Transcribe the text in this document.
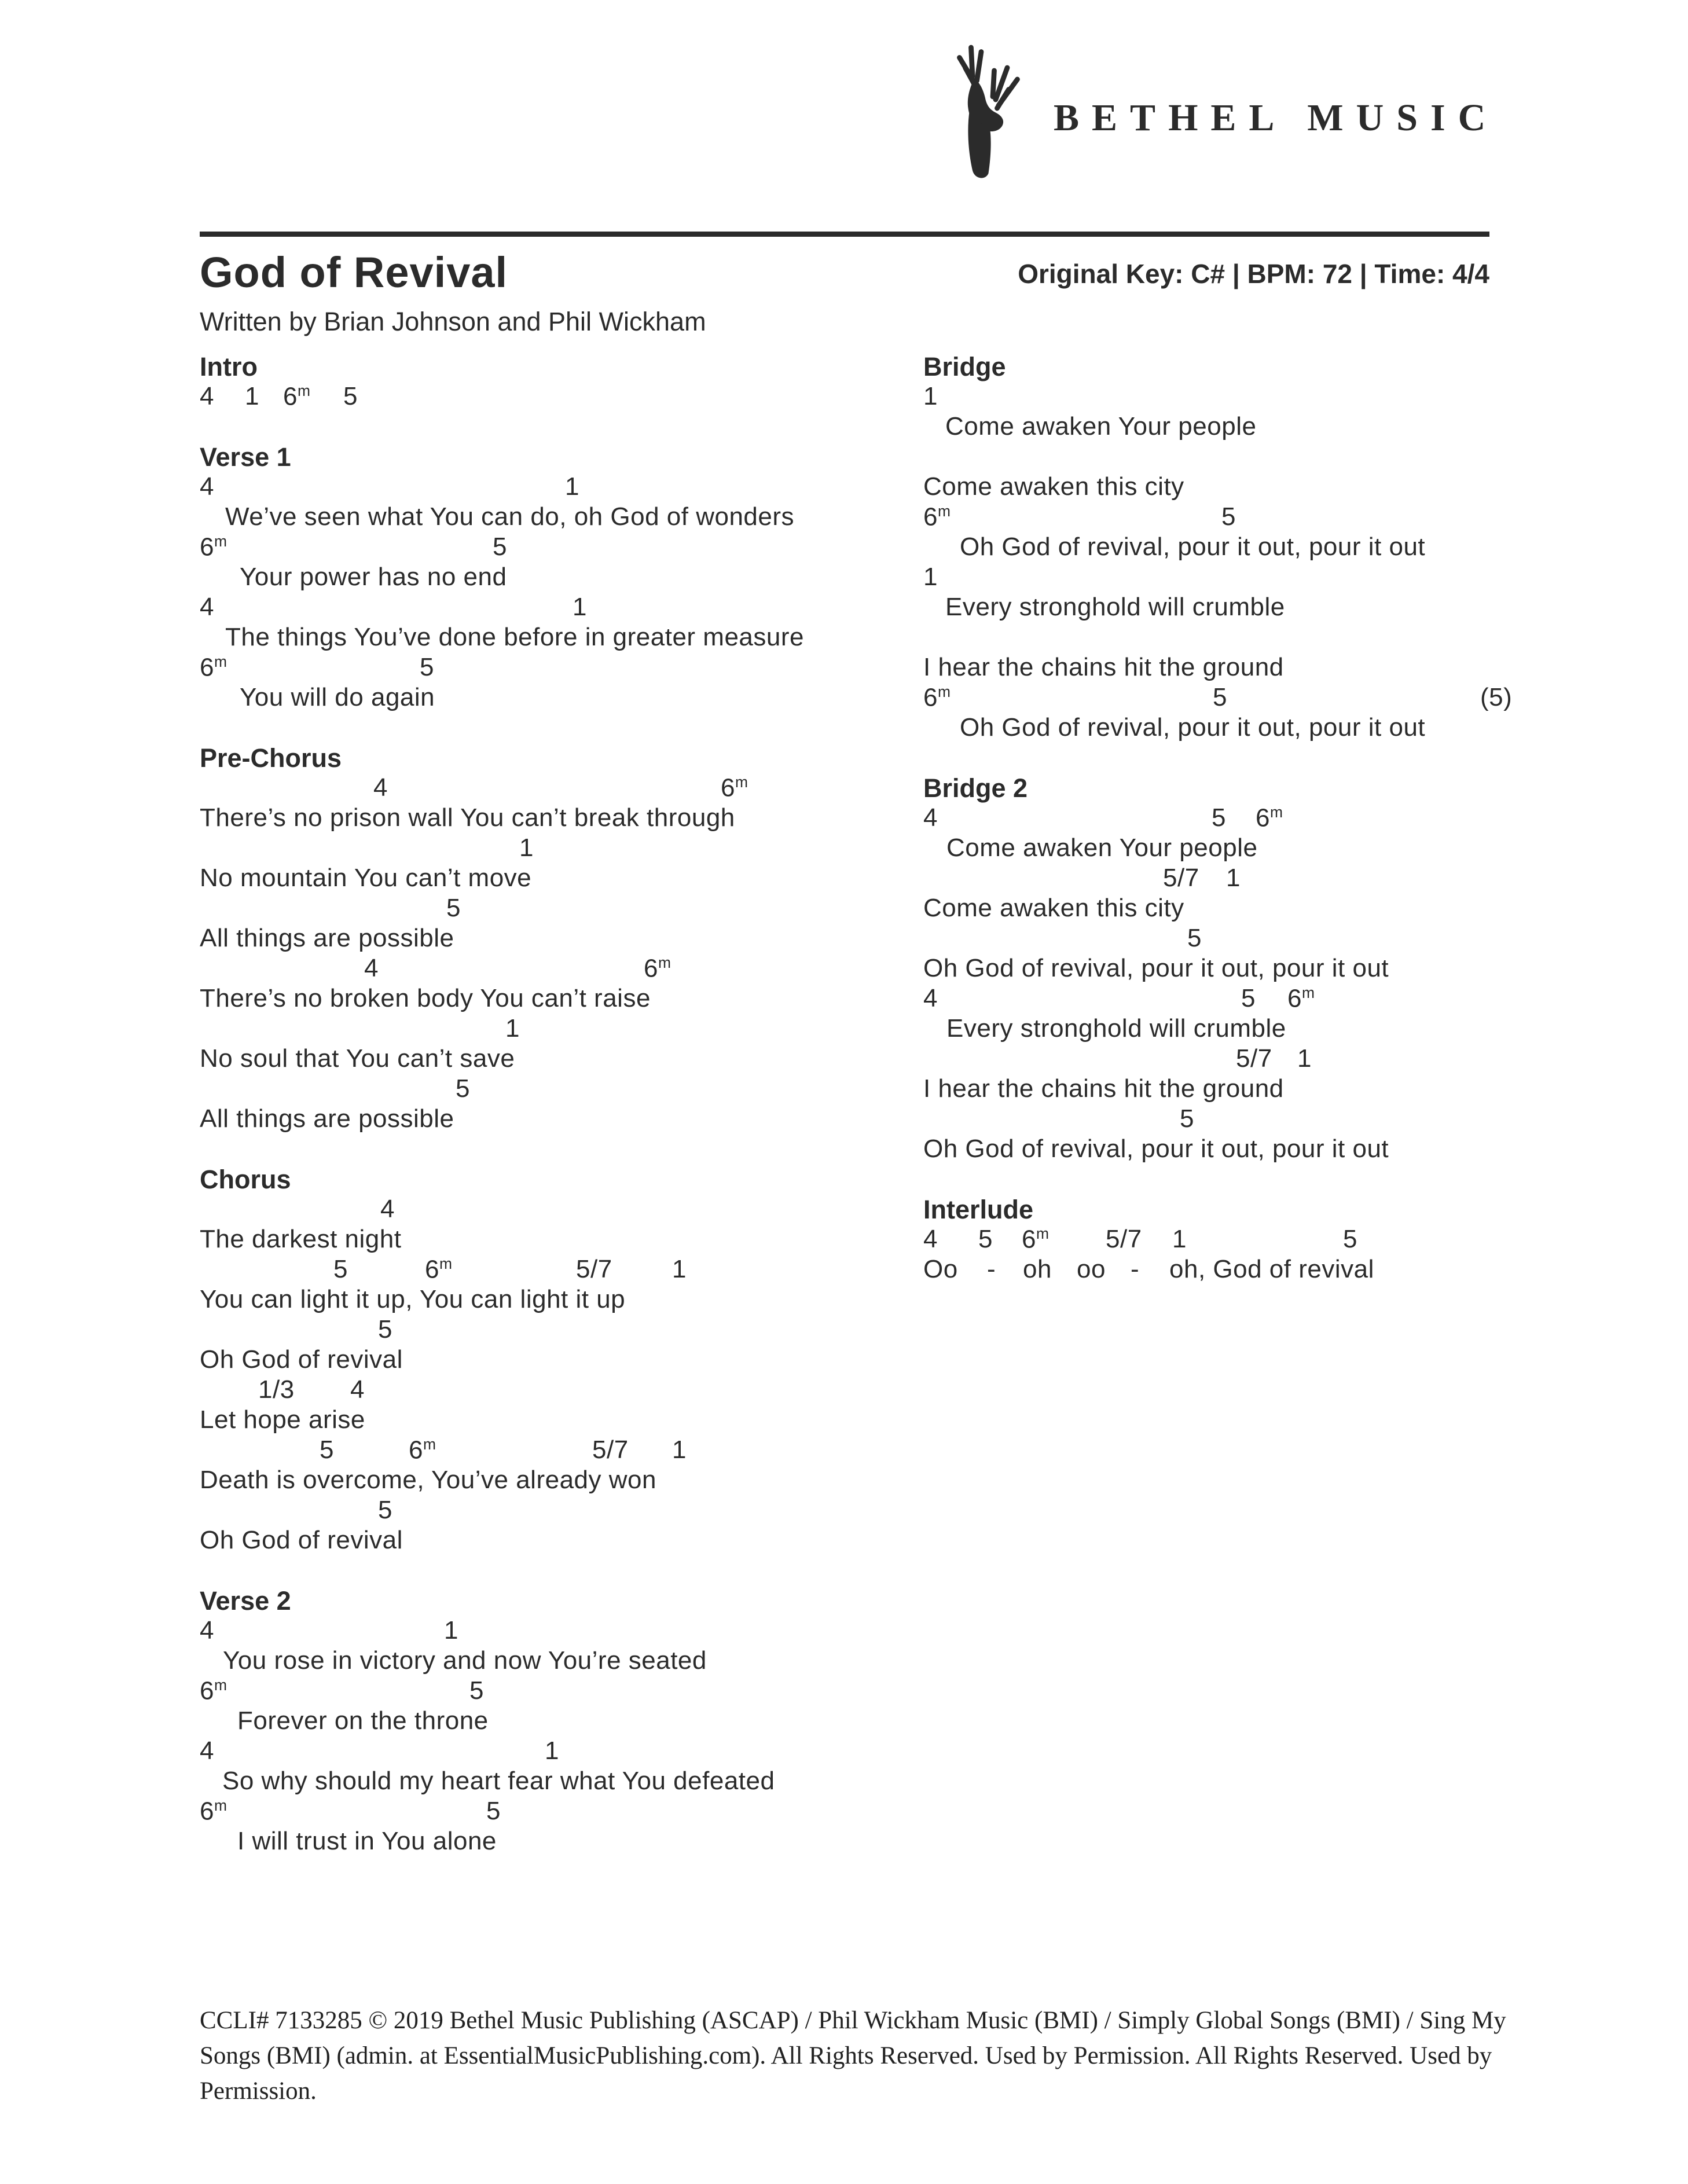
BETHEL MUSIC
God of Revival	Original Key: C# | BPM: 72 | Time: 4/4
Written by Brian Johnson and Phil Wickham
Intro
4 1 6$^m$ 5
Verse 1
4	1
We’ve seen what You can do, oh God of wonders
6$^m$	5
Your power has no end
4	1
The things You’ve done before in greater measure
6$^m$	5
You will do again
Pre-Chorus
4	6$^m$
There’s no prison wall You can’t break through
1
No mountain You can’t move
5
All things are possible
4	6$^m$
There’s no broken body You can’t raise
1
No soul that You can’t save
5
All things are possible
Chorus
4
The darkest night
5	6$^m$	5/7 1
You can light it up, You can light it up
5
Oh God of revival
1/3 4
Let hope arise
5	6$^m$	5/7 1
Death is overcome, You’ve already won
5
Oh God of revival
Verse 2
4	1
You rose in victory and now You’re seated
6$^m$	5
Forever on the throne
4	1
So why should my heart fear what You defeated
6$^m$	5
I will trust in You alone
Bridge
1
Come awaken Your people
Come awaken this city
6$^m$	5
Oh God of revival, pour it out, pour it out
1
Every stronghold will crumble
I hear the chains hit the ground
6$^m$	5	(5)
Oh God of revival, pour it out, pour it out
Bridge 2
4	5 6$^m$
Come awaken Your people
5/7 1
Come awaken this city
5
Oh God of revival, pour it out, pour it out
4	5 6$^m$
Every stronghold will crumble
5/7 1
I hear the chains hit the ground
5
Oh God of revival, pour it out, pour it out
Interlude
4 5 6$^m$ 5/7 1	5
Oo - oh oo - oh, God of revival
CCLI# 7133285 © 2019 Bethel Music Publishing (ASCAP) / Phil Wickham Music (BMI) / Simply Global Songs (BMI) / Sing My
Songs (BMI) (admin. at EssentialMusicPublishing.com). All Rights Reserved. Used by Permission. All Rights Reserved. Used by
Permission.
